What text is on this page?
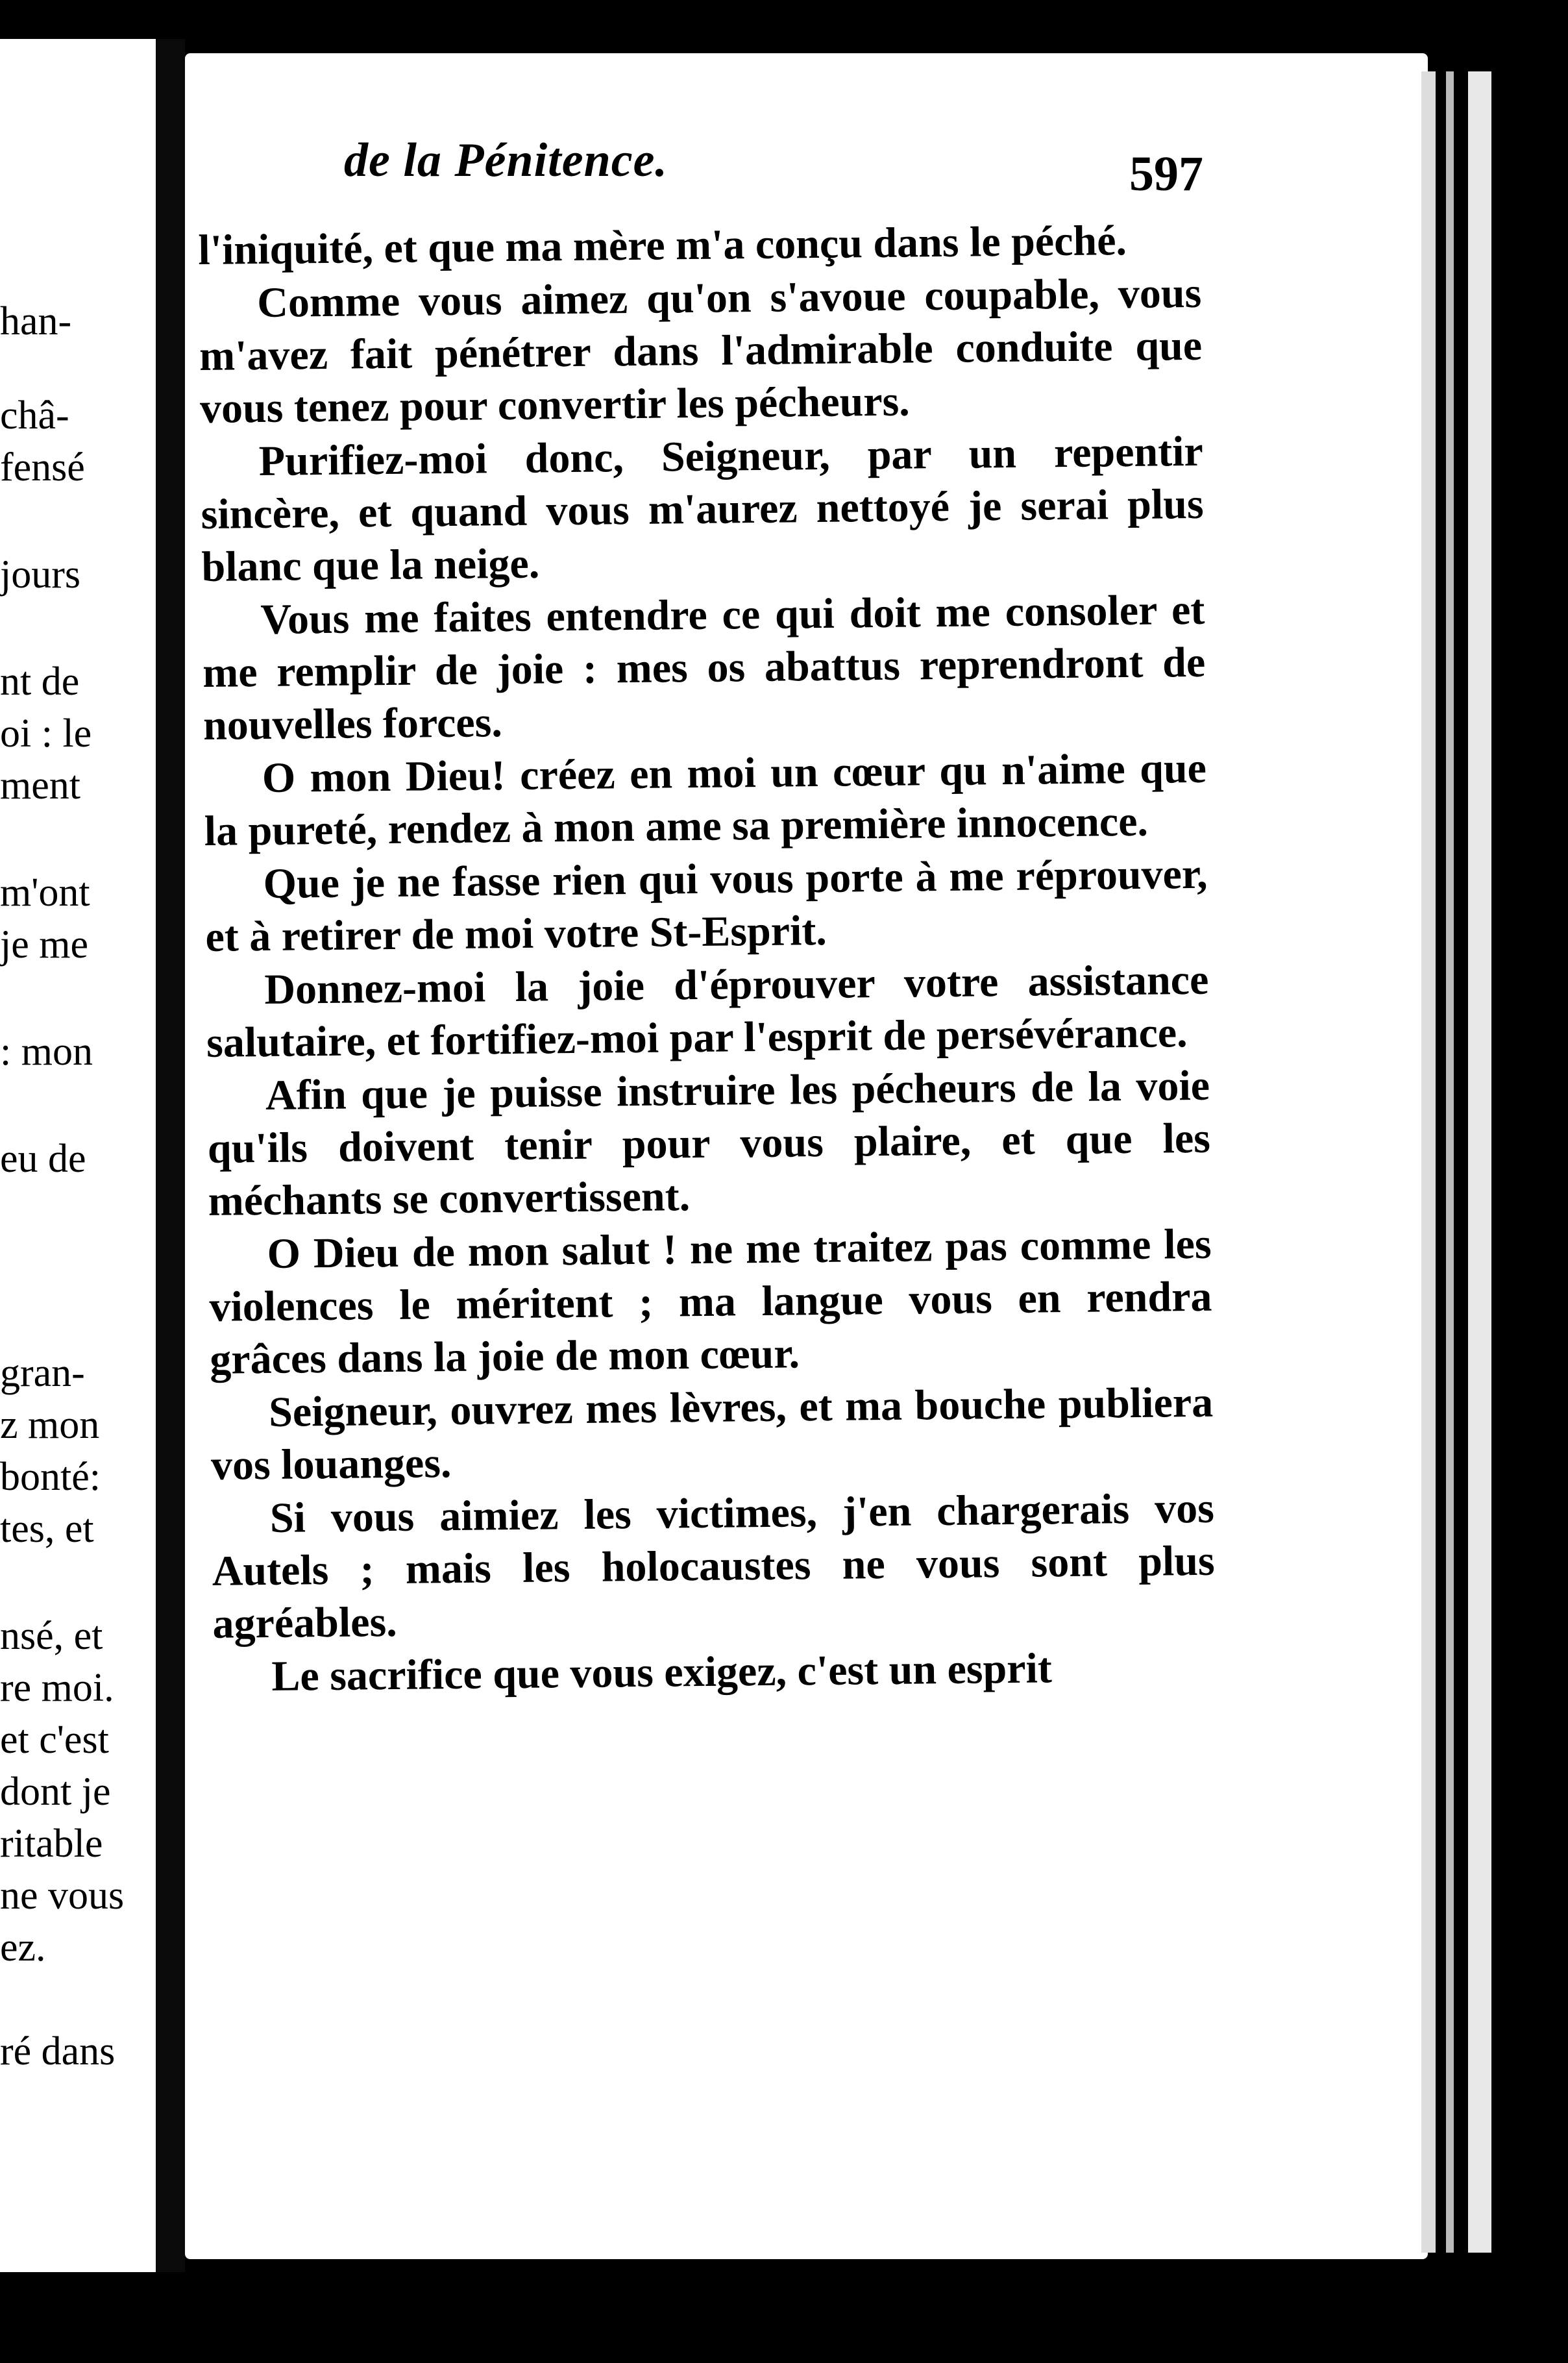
han-
châ-
fensé
jours
nt de
oi : le
ment
m'ont
je me
: mon
eu de
gran-
z mon
bonté:
tes, et
nsé, et
re moi.
et c'est
dont je
ritable
ne vous
ez.
ré dans
de la Pénitence.	597

l'iniquité, et que ma mère m'a conçu dans le péché.

Comme vous aimez qu'on s'avoue coupable, vous m'avez fait pénétrer dans l'admirable conduite que vous tenez pour convertir les pécheurs.

Purifiez-moi donc, Seigneur, par un repentir sincère, et quand vous m'aurez nettoyé je serai plus blanc que la neige.

Vous me faites entendre ce qui doit me consoler et me remplir de joie : mes os abattus reprendront de nouvelles forces.

O mon Dieu! créez en moi un cœur qu n'aime que la pureté, rendez à mon ame sa première innocence.

Que je ne fasse rien qui vous porte à me réprouver, et à retirer de moi votre St-Esprit.

Donnez-moi la joie d'éprouver votre assistance salutaire, et fortifiez-moi par l'esprit de persévérance.

Afin que je puisse instruire les pécheurs de la voie qu'ils doivent tenir pour vous plaire, et que les méchants se convertissent.

O Dieu de mon salut ! ne me traitez pas comme les violences le méritent ; ma langue vous en rendra grâces dans la joie de mon cœur.

Seigneur, ouvrez mes lèvres, et ma bouche publiera vos louanges.

Si vous aimiez les victimes, j'en chargerais vos Autels ; mais les holocaustes ne vous sont plus agréables.

Le sacrifice que vous exigez, c'est un esprit
